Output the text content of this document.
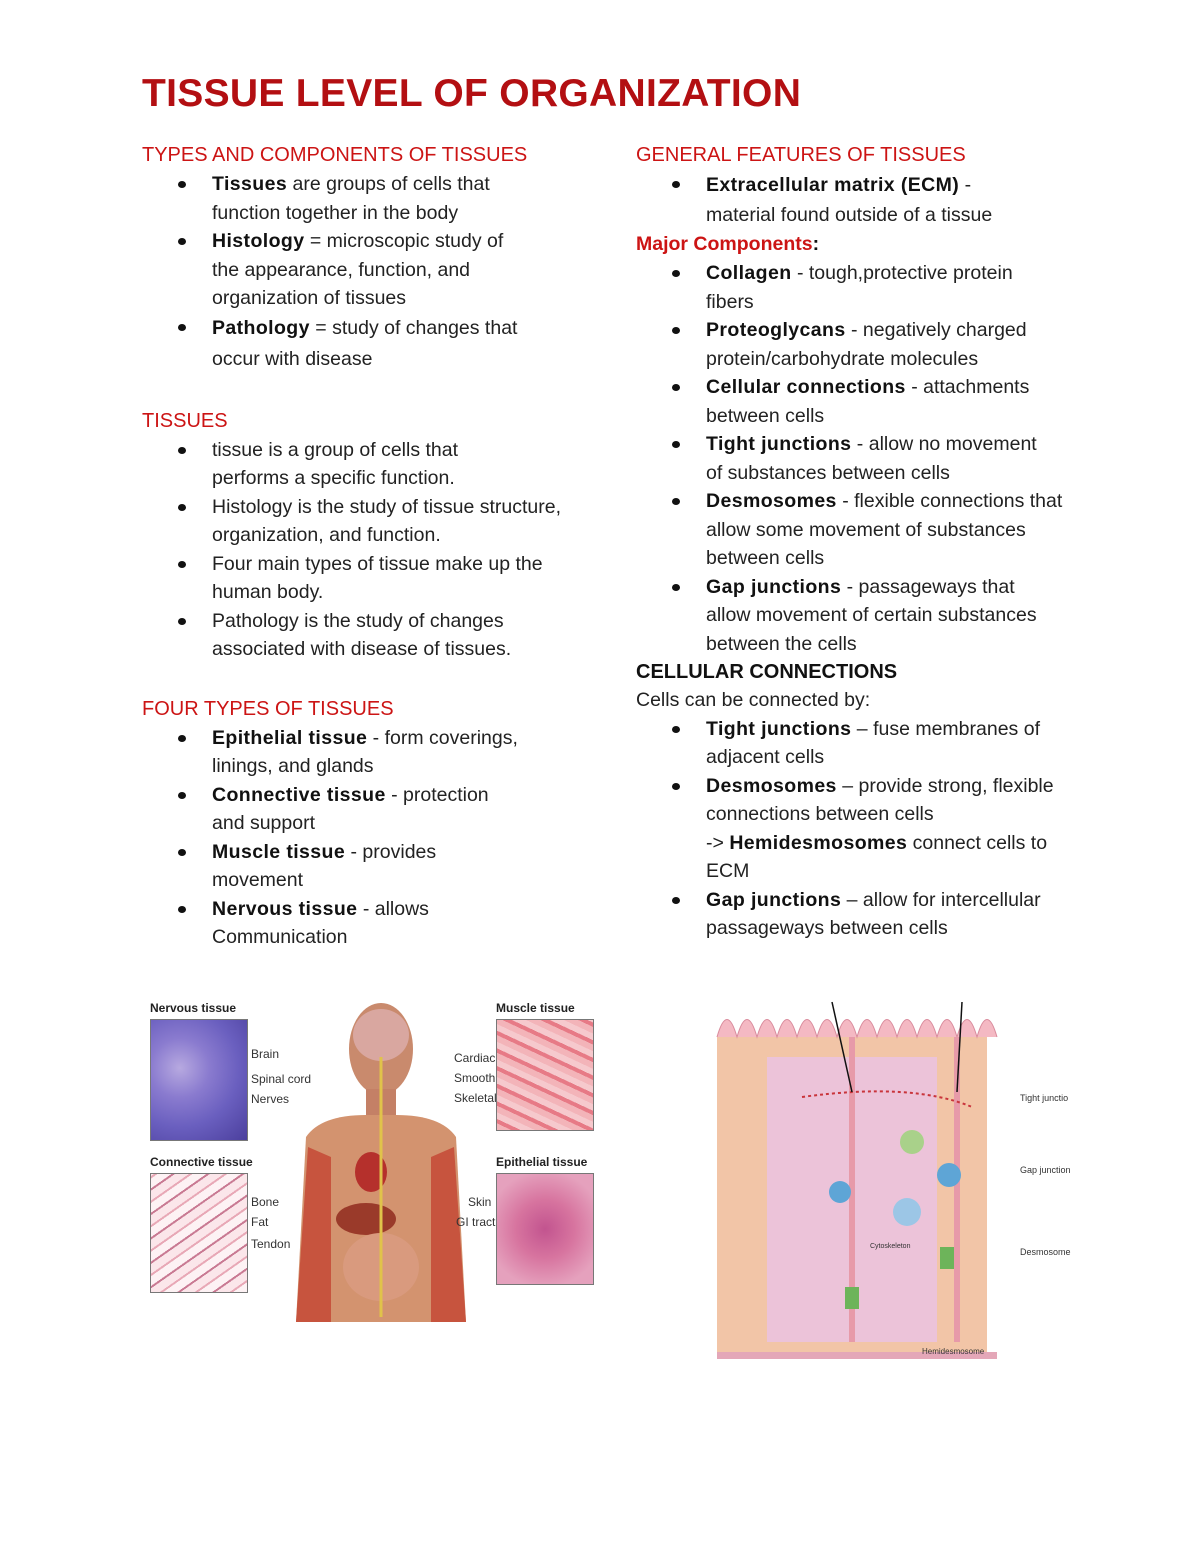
TISSUE LEVEL OF ORGANIZATION
TYPES AND COMPONENTS OF TISSUES
Tissues are groups of cells that function together in the body
Histology = microscopic study of the appearance, function, and organization of tissues
Pathology = study of changes that occur with disease
TISSUES
tissue is a group of cells that performs a specific function.
Histology is the study of tissue structure, organization, and function.
Four main types of tissue make up the human body.
Pathology is the study of changes associated with disease of tissues.
FOUR TYPES OF TISSUES
Epithelial tissue - form coverings, linings, and glands
Connective tissue - protection and support
Muscle tissue - provides movement
Nervous tissue - allows Communication
GENERAL FEATURES OF TISSUES
Extracellular matrix (ECM) - material found outside of a tissue

Major Components:

Collagen - tough,protective protein fibers
Proteoglycans - negatively charged protein/carbohydrate molecules
Cellular connections - attachments between cells
Tight junctions - allow no movement of substances between cells
Desmosomes - flexible connections that allow some movement of substances between cells
Gap junctions - passageways that allow movement of certain substances between the cells
CELLULAR CONNECTIONS

Cells can be connected by:

Tight junctions – fuse membranes of adjacent cells
Desmosomes – provide strong, flexible connections between cells
-> Hemidesmosomes connect cells to ECM
Gap junctions – allow for intercellular passageways between cells
Nervous tissue	Muscle tissue
Connective tissue	Epithelial tissue
Brain
Spinal cord
Nerves
Cardiac
Smooth
Skeletal
Bone
Fat
Tendon
Skin
GI tract
Tight junctio
Gap junction
Desmosome
Cytoskeleton
Hemidesmosome
